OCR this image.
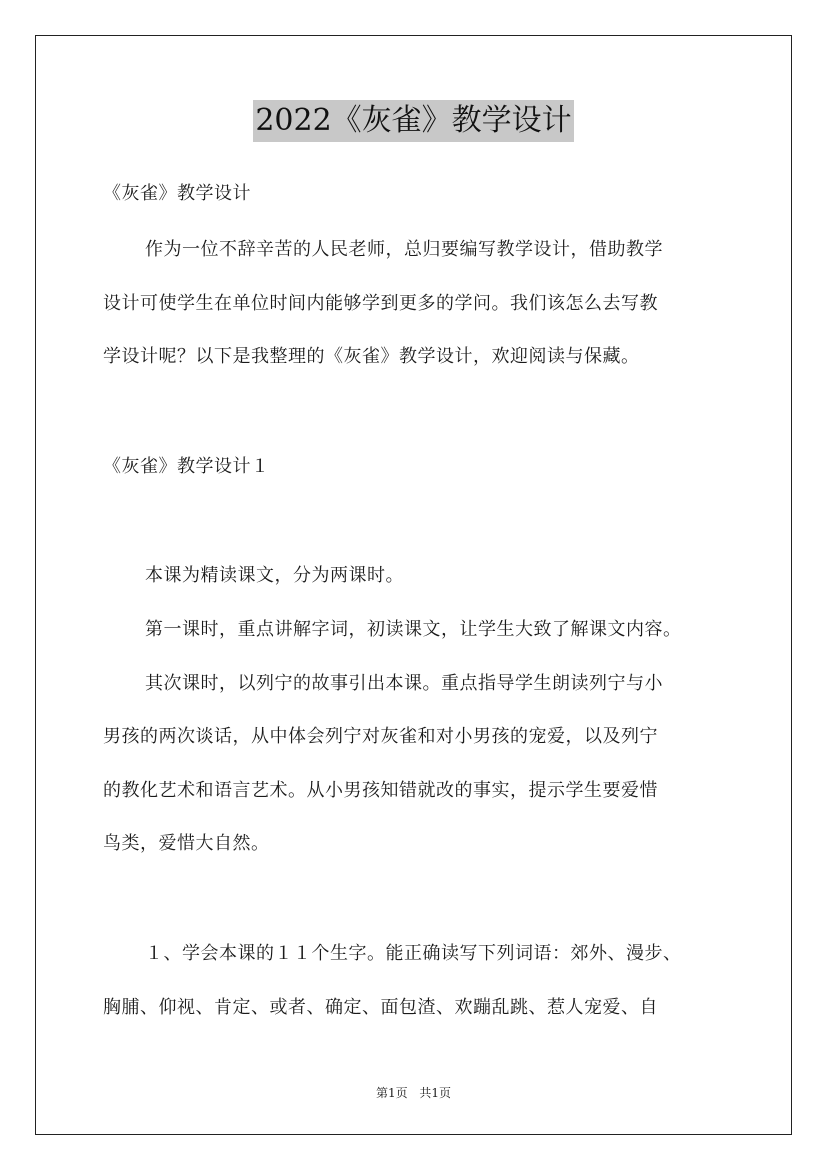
2022《灰雀》教学设计

《灰雀》教学设计

作为一位不辞辛苦的人民老师，总归要编写教学设计，借助教学

设计可使学生在单位时间内能够学到更多的学问。我们该怎么去写教

学设计呢？以下是我整理的《灰雀》教学设计，欢迎阅读与保藏。

《灰雀》教学设计１

本课为精读课文，分为两课时。

第一课时，重点讲解字词，初读课文，让学生大致了解课文内容。

其次课时，以列宁的故事引出本课。重点指导学生朗读列宁与小

男孩的两次谈话，从中体会列宁对灰雀和对小男孩的宠爱，以及列宁

的教化艺术和语言艺术。从小男孩知错就改的事实，提示学生要爱惜

鸟类，爱惜大自然。

１、学会本课的１１个生字。能正确读写下列词语：郊外、漫步、

胸脯、仰视、肯定、或者、确定、面包渣、欢蹦乱跳、惹人宠爱、自

第1页 共1页
